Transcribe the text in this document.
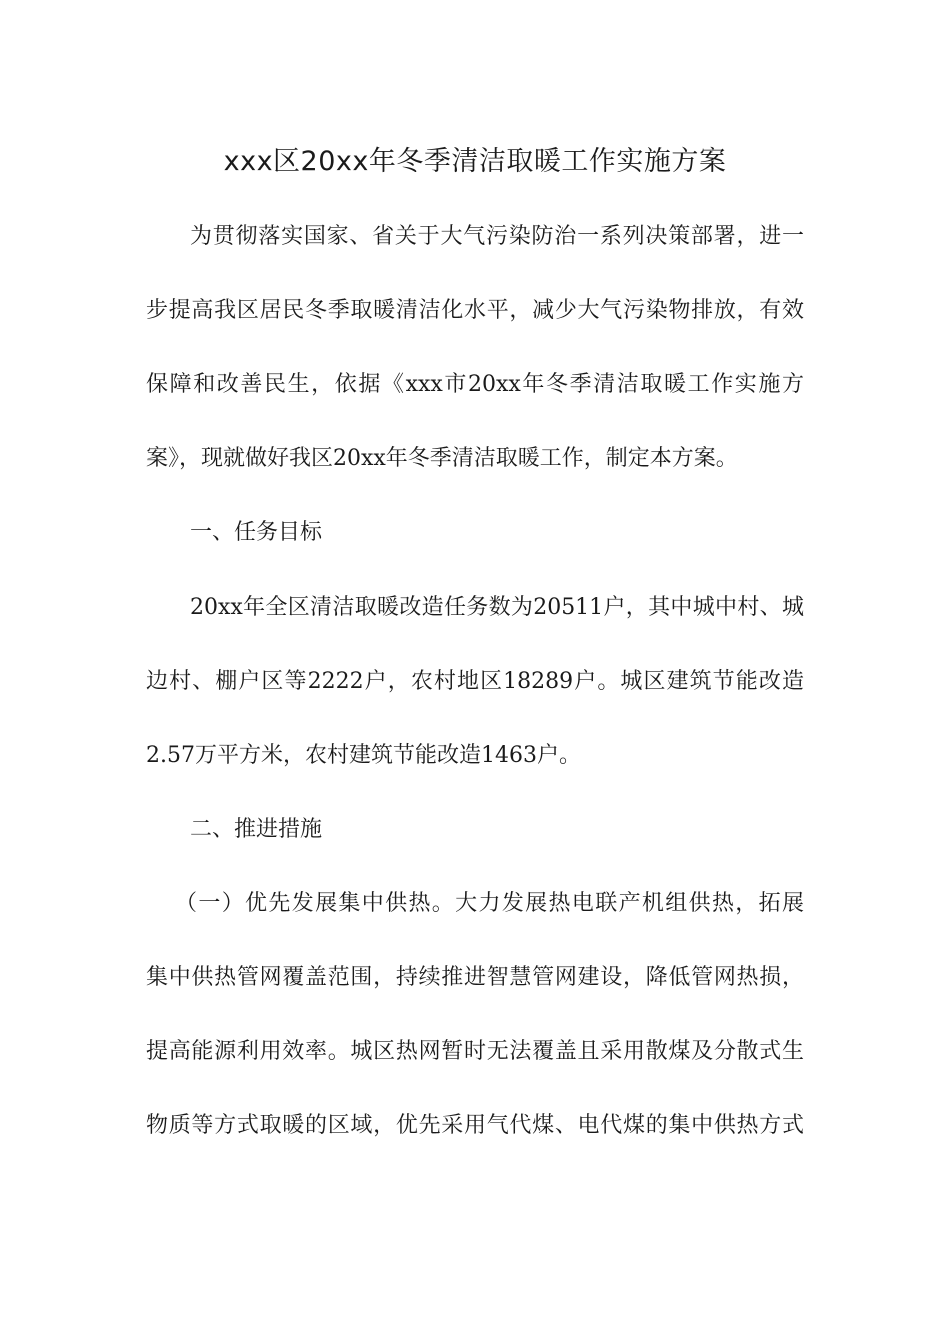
xxx区20xx年冬季清洁取暖工作实施方案
为贯彻落实国家、省关于大气污染防治一系列决策部署，进一
步提高我区居民冬季取暖清洁化水平，减少大气污染物排放，有效
保障和改善民生，依据《xxx市20xx年冬季清洁取暖工作实施方
案》，现就做好我区20xx年冬季清洁取暖工作，制定本方案。
一、任务目标
20xx年全区清洁取暖改造任务数为20511户，其中城中村、城
边村、棚户区等2222户，农村地区18289户。城区建筑节能改造
2.57万平方米，农村建筑节能改造1463户。
二、推进措施
（一）优先发展集中供热。大力发展热电联产机组供热，拓展
集中供热管网覆盖范围，持续推进智慧管网建设，降低管网热损，
提高能源利用效率。城区热网暂时无法覆盖且采用散煤及分散式生
物质等方式取暖的区域，优先采用气代煤、电代煤的集中供热方式
